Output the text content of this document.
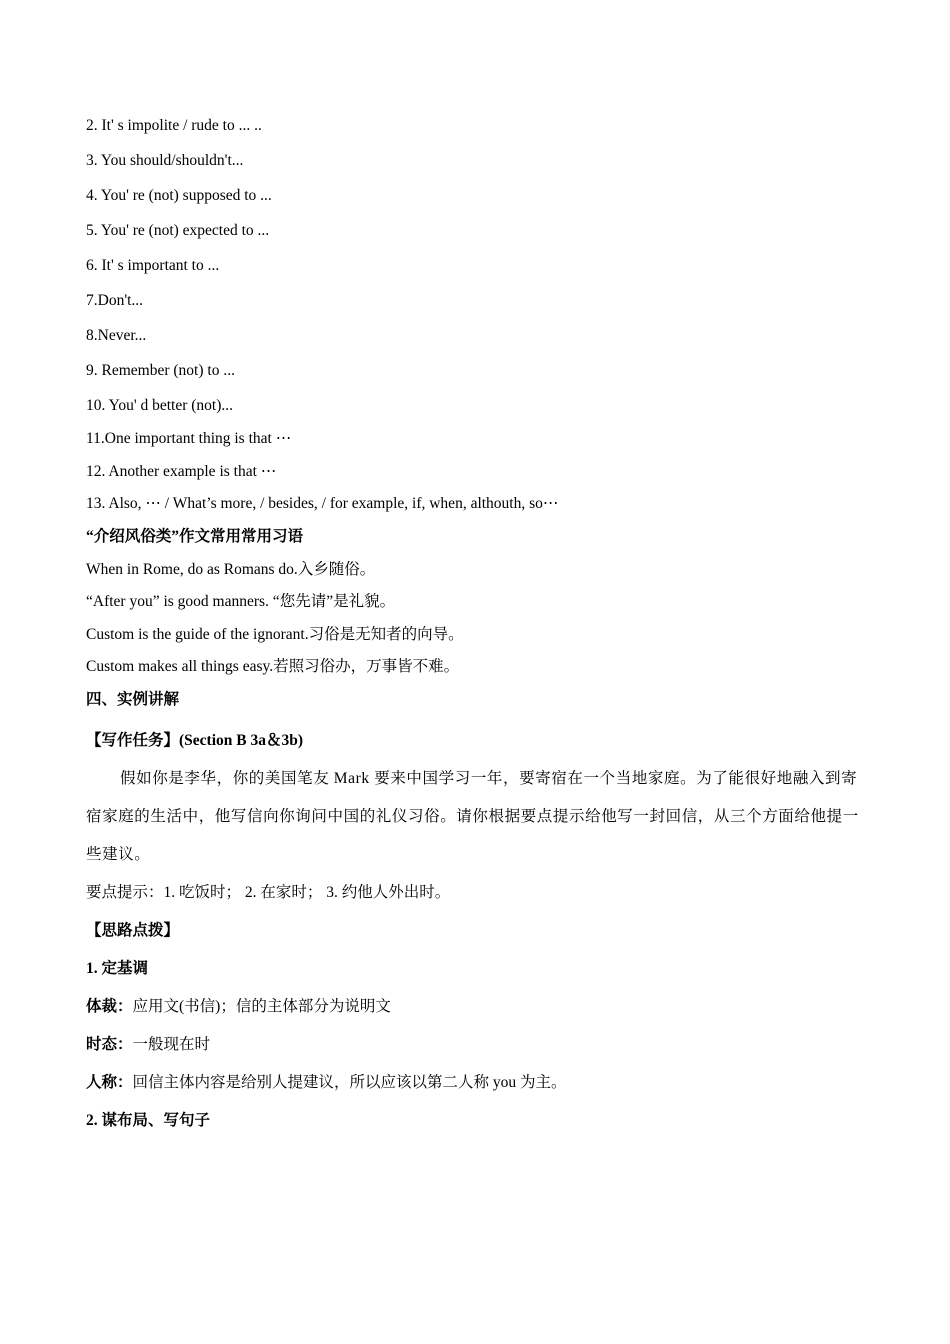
2. It' s impolite / rude to ... ..
3. You should/shouldn't...
4. You' re (not) supposed to ...
5. You' re (not) expected to ...
6. It' s important to ...
7.Don't...
8.Never...
9. Remember (not) to ...
10. You' d better (not)...
11.One important thing is that ⋯
12. Another example is that ⋯
13. Also, ⋯ / What’s more, / besides, / for example, if, when, althouth, so⋯
“介绍风俗类”作文常用常用习语
When in Rome, do as Romans do.入乡随俗。
“After you” is good manners. “您先请”是礼貌。
Custom is the guide of the ignorant.习俗是无知者的向导。
Custom makes all things easy.若照习俗办，万事皆不难。
四、实例讲解
【写作任务】(Section B 3a＆3b)
假如你是李华，你的美国笔友 Mark 要来中国学习一年，要寄宿在一个当地家庭。为了能很好地融入到寄宿家庭的生活中，他写信向你询问中国的礼仪习俗。请你根据要点提示给他写一封回信，从三个方面给他提一些建议。
要点提示：1. 吃饭时； 2. 在家时； 3. 约他人外出时。
【思路点拨】
1. 定基调
体裁：应用文(书信)；信的主体部分为说明文
时态：一般现在时
人称：回信主体内容是给别人提建议，所以应该以第二人称 you 为主。
2. 谋布局、写句子
